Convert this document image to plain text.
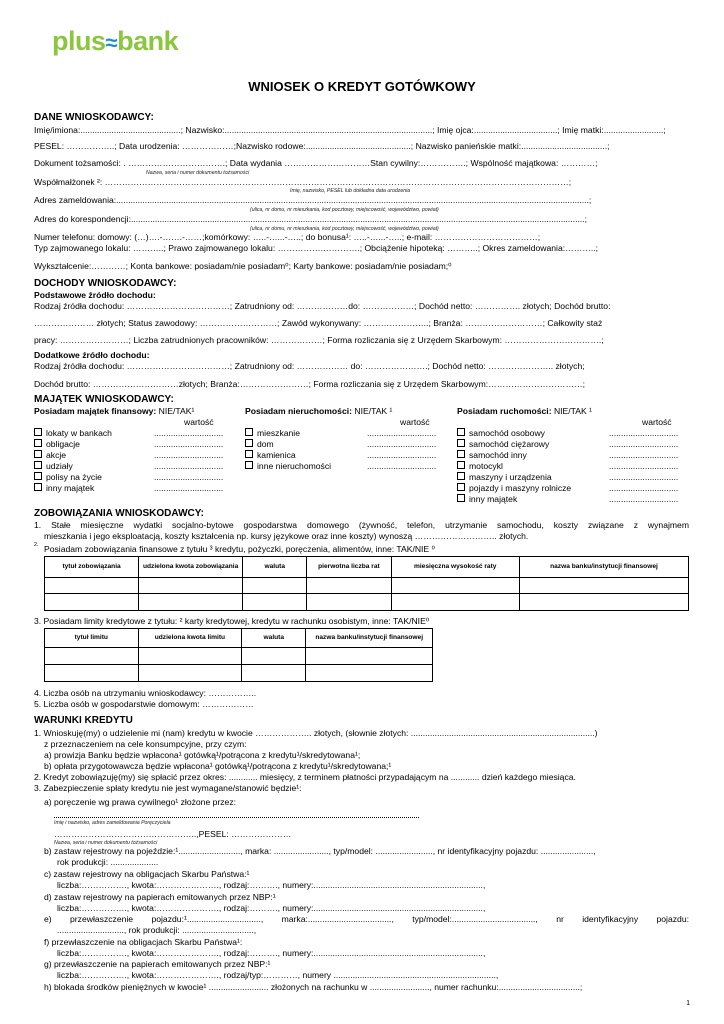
plus≈bank
WNIOSEK O KREDYT GOTÓWKOWY
DANE WNIOSKODAWCY:
Imię/imiona:..........................................; Nazwisko:.......................................................................................; Imię ojca:...................................; Imię matki:.........................;
PESEL: ……………..; Data urodzenia: ………………;Nazwisko rodowe:............................................; Nazwisko panieńskie matki:....................................;
Dokument tożsamości: . …………………………….; Data wydania …………………………Stan cywilny:…………….; Wspólność majątkowa: …………;
Nazwa, seria i numer dokumentu tożsamości
Współmałżonek ²: ………………………………………………………………………………………………………………………………………………;
Imię, nazwisko, PESEL lub dokładna data urodzenia
Adres zameldowania:......................................................................................................................................................................................................;
(ulica, nr domu, nr mieszkania, kod pocztowy, miejscowość, województwo, powiat)
Adres do korespondencji:..............................................................................................................................................................................................;
(ulica, nr domu, nr mieszkania, kod pocztowy, miejscowość, województwo, powiat)
Numer telefonu: domowy: (…)….-…….-……;komórkowy: …..-…...-…..; do bonusa¹: …..-…...-…..; e-mail: ………………………………;
Typ zajmowanego lokalu: ………..; Prawo zajmowanego lokalu: …………….………….; Obciążenie hipoteką: ………..; Okres zameldowania:………..;
Wykształcenie:…………; Konta bankowe: posiadam/nie posiadam⁰; Karty bankowe: posiadam/nie posiadam;⁰
DOCHODY WNIOSKODAWCY:
Podstawowe źródło dochodu:
Rodzaj źródła dochodu: ………………………………; Zatrudniony od: ………………do: ………………; Dochód netto: ……………. złotych; Dochód brutto:
………………… złotych; Status zawodowy: ………………………; Zawód wykonywany: …………………..; Branża: ………………………; Całkowity staż
pracy: ……………………; Liczba zatrudnionych pracowników: ………………; Forma rozliczania się z Urzędem Skarbowym: …………………………….;
Dodatkowe źródło dochodu:
Rodzaj źródła dochodu: ………………………………; Zatrudniony od: ……………… do: ………………….; Dochód netto: ………………….. złotych;
Dochód brutto: …………………………złotych; Branża:……………………; Forma rozliczania się z Urzędem Skarbowym:……………………………;
MAJĄTEK WNIOSKODAWCY:
Posiadam majątek finansowy: NIE/TAK¹
wartość
lokaty w bankach	.............................
obligacje	.............................
akcje	.............................
udziały	.............................
polisy na życie	.............................
inny majątek	.............................
Posiadam nieruchomości: NIE/TAK ¹
wartość
mieszkanie	.............................
dom	.............................
kamienica	.............................
inne nieruchomości	.............................
Posiadam ruchomości: NIE/TAK ¹
wartość
samochód osobowy	.............................
samochód ciężarowy	.............................
samochód inny	.............................
motocykl	.............................
maszyny i urządzenia	.............................
pojazdy i maszyny rolnicze	.............................
inny majątek	.............................
ZOBOWIĄZANIA WNIOSKODAWCY:
1. Stałe miesięczne wydatki socjalno-bytowe gospodarstwa domowego (żywność, telefon, utrzymanie samochodu, koszty związane z wynajmem
mieszkania i jego eksploatacją, koszty kształcenia np. kursy językowe oraz inne koszty) wynoszą ……………………….. złotych.
2. Posiadam zobowiązania finansowe z tytułu ³ kredytu, pożyczki, poręczenia, alimentów, inne: TAK/NIE ⁰
tytuł zobowiązania	udzielona kwota zobowiązania	waluta	pierwotna liczba rat	miesięczna wysokość raty	nazwa banku/instytucji finansowej

3. Posiadam limity kredytowe z tytułu: ² karty kredytowej, kredytu w rachunku osobistym, inne: TAK/NIE⁰
tytuł limitu	udzielona kwota limitu	waluta	nazwa banku/instytucji finansowej

4. Liczba osób na utrzymaniu wnioskodawcy: ……………..
5. Liczba osób w gospodarstwie domowym: ………………
WARUNKI KREDYTU
1. Wnioskuję(my) o udzielenie mi (nam) kredytu w kwocie ……………….. złotych, (słownie złotych: .............................................................................)
z przeznaczeniem na cele konsumpcyjne, przy czym:
a) prowizja Banku będzie wpłacona¹ gotówką¹/potrącona z kredytu¹/skredytowana¹;
b) opłata przygotowawcza będzie wpłacona¹ gotówką¹/potrącona z kredytu¹/skredytowana;¹
2. Kredyt zobowiązuję(my) się spłacić przez okres: ............ miesięcy, z terminem płatności przypadającym na ............ dzień każdego miesiąca.
3. Zabezpieczenie spłaty kredytu nie jest wymagane/stanowić będzie¹:
a) poręczenie wg prawa cywilnego¹ złożone przez:
Imię i nazwisko, adres zameldowania Poręczyciela
…………………………………………..,PESEL: …………………
Nazwa, seria i numer dokumentu tożsamości
b) zastaw rejestrowy na pojeździe:¹.........................., marka: ......................., typ/model: ........................, nr identyfikacyjny pojazdu: ......................,
rok produkcji: ....................
c) zastaw rejestrowy na obligacjach Skarbu Państwa:¹
liczba:……………., kwota:…………………., rodzaj:………., numery:.......................................................................,
d) zastaw rejestrowy na papierach emitowanych przez NBP:¹
liczba:……………., kwota:…………………., rodzaj:………., numery:.......................................................................,
e) przewłaszczenie pojazdu:¹..............................., marka:..................................., typ/model:..................................., nr identyfikacyjny pojazdu:
............................, rok produkcji: ..............................,
f) przewłaszczenie na obligacjach Skarbu Państwa¹:
liczba:……………., kwota:…………………., rodzaj:………., numery:.......................................................................,
g) przewłaszczenie na papierach emitowanych przez NBP:¹
liczba:……………., kwota:…………………., rodzaj/typ:…………, numery ....................................................................,
h) blokada środków pieniężnych w kwocie¹ ......................... złożonych na rachunku w ........................., numer rachunku:..................................;
1
